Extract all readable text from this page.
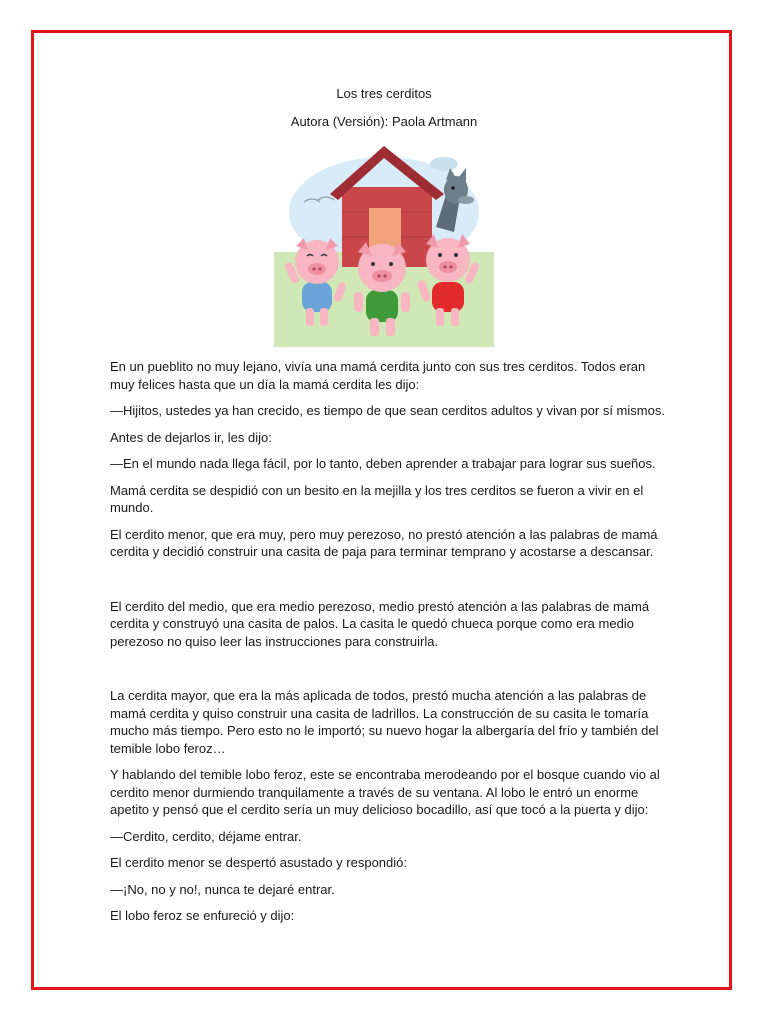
Los tres cerditos
Autora (Versión): Paola Artmann

En un pueblito no muy lejano, vivía una mamá cerdita junto con sus tres cerditos. Todos eran muy felices hasta que un día la mamá cerdita les dijo:

—Hijitos, ustedes ya han crecido, es tiempo de que sean cerditos adultos y vivan por sí mismos.

Antes de dejarlos ir, les dijo:

—En el mundo nada llega fácil, por lo tanto, deben aprender a trabajar para lograr sus sueños.

Mamá cerdita se despidió con un besito en la mejilla y los tres cerditos se fueron a vivir en el mundo.

El cerdito menor, que era muy, pero muy perezoso, no prestó atención a las palabras de mamá cerdita y decidió construir una casita de paja para terminar temprano y acostarse a descansar.

El cerdito del medio, que era medio perezoso, medio prestó atención a las palabras de mamá cerdita y construyó una casita de palos. La casita le quedó chueca porque como era medio perezoso no quiso leer las instrucciones para construirla.

La cerdita mayor, que era la más aplicada de todos, prestó mucha atención a las palabras de mamá cerdita y quiso construir una casita de ladrillos. La construcción de su casita le tomaría mucho más tiempo. Pero esto no le importó; su nuevo hogar la albergaría del frío y también del temible lobo feroz…

Y hablando del temible lobo feroz, este se encontraba merodeando por el bosque cuando vio al cerdito menor durmiendo tranquilamente a través de su ventana. Al lobo le entró un enorme apetito y pensó que el cerdito sería un muy delicioso bocadillo, así que tocó a la puerta y dijo:

—Cerdito, cerdito, déjame entrar.

El cerdito menor se despertó asustado y respondió:

—¡No, no y no!, nunca te dejaré entrar.

El lobo feroz se enfureció y dijo:
